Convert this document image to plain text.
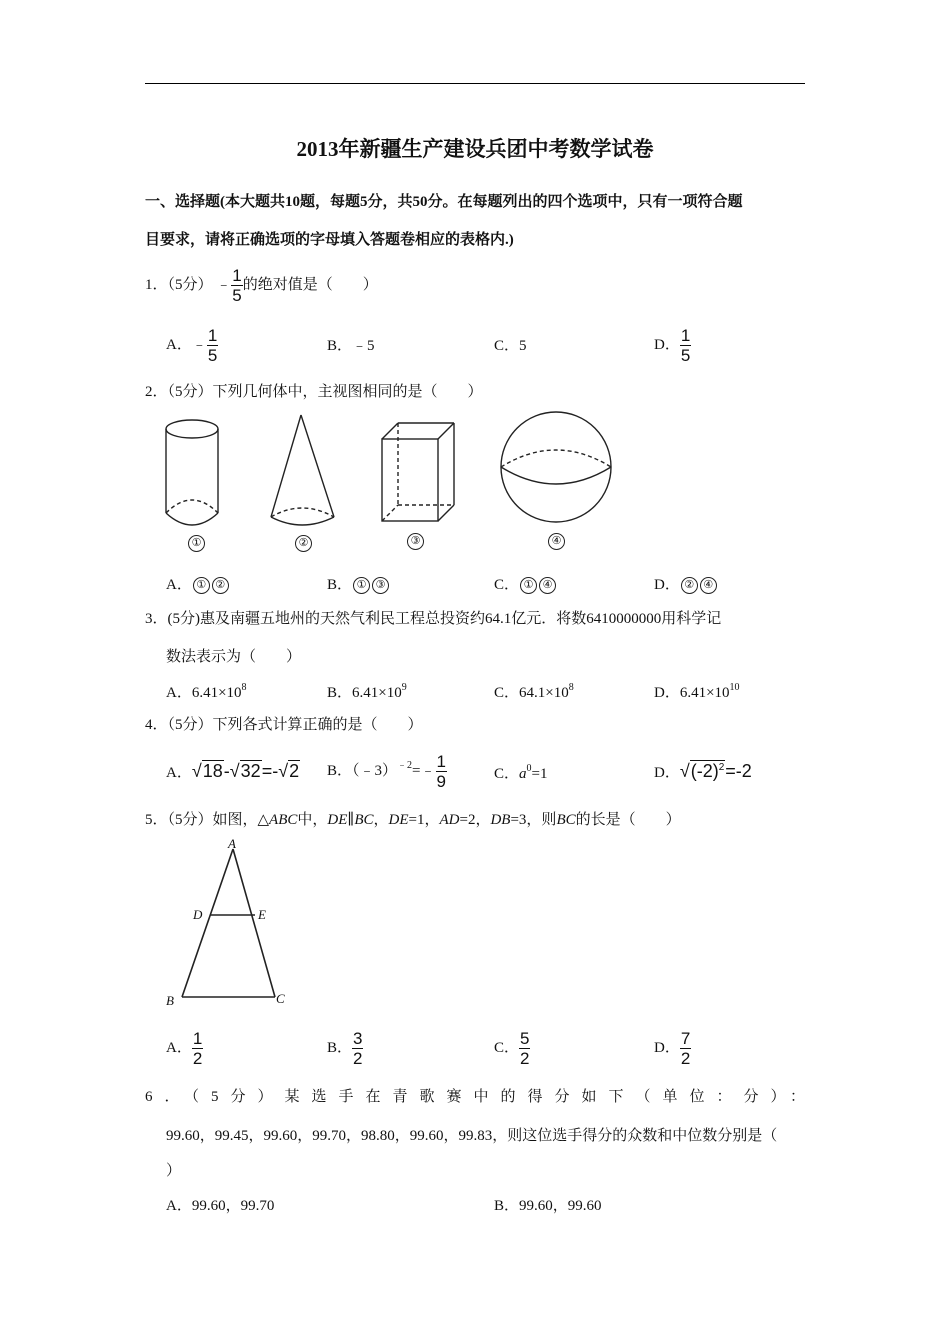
2013年新疆生产建设兵团中考数学试卷
一、选择题(本大题共10题，每题5分，共50分。在每题列出的四个选项中，只有一项符合题
目要求，请将正确选项的字母填入答题卷相应的表格内.)
1．（5分） ﹣ $\frac{1}{5}$ 的绝对值是（　　）
A．﹣ $\frac{1}{5}$	B．﹣5	C．5	D． $\frac{1}{5}$
2．（5分）下列几何体中，主视图相同的是（　　）
①	②	③	④
A． ① ②	B． ① ③	C． ① ④	D． ② ④
3．(5分)惠及南疆五地州的天然气利民工程总投资约64.1亿元．将数6410000000用科学记
数法表示为（　　）
A．$6.41\times 10^8$	B．$6.41\times 10^9$	C．$64.1\times 10^8$	D．$6.41\times 10^{10}$
4．（5分）下列各式计算正确的是（　　）
A．√18-√32=-√2 B．（﹣3）$^{﹣2}$=﹣ $\frac{1}{9}$	C．$a^0=1$	D．$√(-2)^2=-2$
5．（5分）如图，△ABC中，DE∥BC，DE=1，AD=2，DB=3，则BC的长是（　　）
A
D	E
B	C
A． $\frac{1}{2}$	B． $\frac{3}{2}$	C． $\frac{5}{2}$	D． $\frac{7}{2}$
6．（5分）某选手在青歌赛中的得分如下（单位：分）：
99.60，99.45，99.60，99.70，98.80，99.60，99.83，则这位选手得分的众数和中位数分别是（
）
A．99.60，99.70	B．99.60，99.60
